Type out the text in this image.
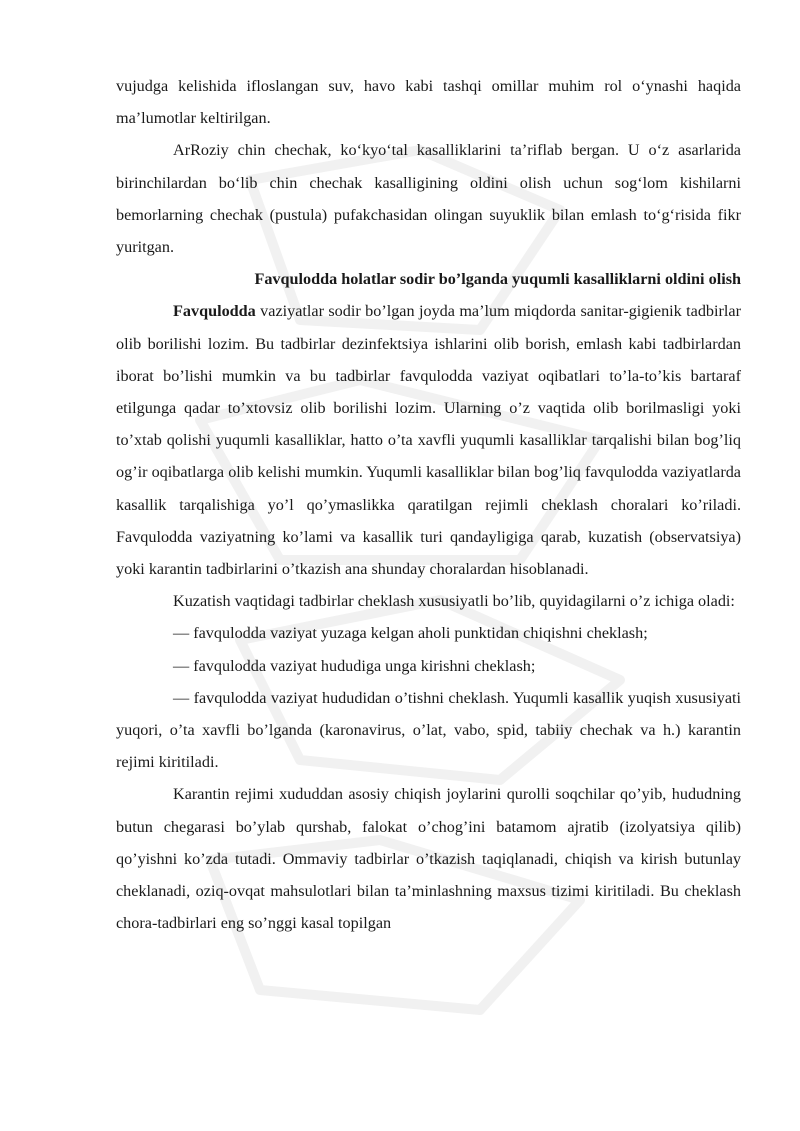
vujudga kelishida ifloslangan suv, havo kabi tashqi omillar muhim rol o‘ynashi haqida ma’lumotlar keltirilgan.

ArRoziy chin chechak, ko‘kyo‘tal kasalliklarini ta’riflab bergan. U o‘z asarlarida birinchilardan bo‘lib chin chechak kasalligining oldini olish uchun sog‘lom kishilarni bemorlarning chechak (pustula) pufakchasidan olingan suyuklik bilan emlash to‘g‘risida fikr yuritgan.

Favqulodda holatlar sodir bo’lganda yuqumli kasalliklarni oldini olish

Favqulodda vaziyatlar sodir bo’lgan joyda ma’lum miqdorda sanitar-gigienik tadbirlar olib borilishi lozim. Bu tadbirlar dezinfektsiya ishlarini olib borish, emlash kabi tadbirlardan iborat bo’lishi mumkin va bu tadbirlar favqulodda vaziyat oqibatlari to’la-to’kis bartaraf etilgunga qadar to’xtovsiz olib borilishi lozim. Ularning o’z vaqtida olib borilmasligi yoki to’xtab qolishi yuqumli kasalliklar, hatto o’ta xavfli yuqumli kasalliklar tarqalishi bilan bog’liq og’ir oqibatlarga olib kelishi mumkin. Yuqumli kasalliklar bilan bog’liq favqulodda vaziyatlarda kasallik tarqalishiga yo’l qo’ymaslikka qaratilgan rejimli cheklash choralari ko’riladi. Favqulodda vaziyatning ko’lami va kasallik turi qandayligiga qarab, kuzatish (observatsiya) yoki karantin tadbirlarini o’tkazish ana shunday choralardan hisoblanadi.

Kuzatish vaqtidagi tadbirlar cheklash xususiyatli bo’lib, quyidagilarni o’z ichiga oladi:

— favqulodda vaziyat yuzaga kelgan aholi punktidan chiqishni cheklash;

— favqulodda vaziyat hududiga unga kirishni cheklash;

— favqulodda vaziyat hududidan o’tishni cheklash. Yuqumli kasallik yuqish xususiyati yuqori, o’ta xavfli bo’lganda (karonavirus, o’lat, vabo, spid, tabiiy chechak va h.) karantin rejimi kiritiladi.

Karantin rejimi xududdan asosiy chiqish joylarini qurolli soqchilar qo’yib, hududning butun chegarasi bo’ylab qurshab, falokat o’chog’ini batamom ajratib (izolyatsiya qilib) qo’yishni ko’zda tutadi. Ommaviy tadbirlar o’tkazish taqiqlanadi, chiqish va kirish butunlay cheklanadi, oziq-ovqat mahsulotlari bilan ta’minlashning maxsus tizimi kiritiladi. Bu cheklash chora-tadbirlari eng so’nggi kasal topilgan
